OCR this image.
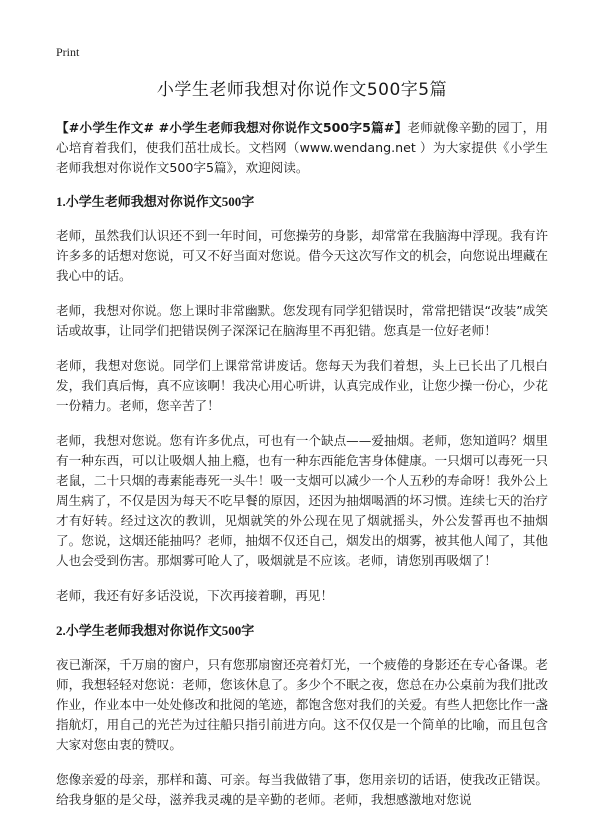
Print
小学生老师我想对你说作文500字5篇

【#小学生作文# #小学生老师我想对你说作文500字5篇#】老师就像辛勤的园丁，用心培育着我们，使我们茁壮成长。文档网（www.wendang.net ）为大家提供《小学生老师我想对你说作文500字5篇》，欢迎阅读。

1.小学生老师我想对你说作文500字

老师，虽然我们认识还不到一年时间，可您操劳的身影，却常常在我脑海中浮现。我有许许多多的话想对您说，可又不好当面对您说。借今天这次写作文的机会，向您说出埋藏在我心中的话。

老师，我想对你说。您上课时非常幽默。您发现有同学犯错误时，常常把错误“改装”成笑话或故事，让同学们把错误例子深深记在脑海里不再犯错。您真是一位好老师！

老师，我想对您说。同学们上课常常讲废话。您每天为我们着想，头上已长出了几根白发，我们真后悔，真不应该啊！我决心用心听讲，认真完成作业，让您少操一份心，少花一份精力。老师，您辛苦了！

老师，我想对您说。您有许多优点，可也有一个缺点——爱抽烟。老师，您知道吗？烟里有一种东西，可以让吸烟人抽上瘾，也有一种东西能危害身体健康。一只烟可以毒死一只老鼠，二十只烟的毒素能毒死一头牛！吸一支烟可以减少一个人五秒的寿命呀！我外公上周生病了，不仅是因为每天不吃早餐的原因，还因为抽烟喝酒的坏习惯。连续七天的治疗才有好转。经过这次的教训，见烟就笑的外公现在见了烟就摇头，外公发誓再也不抽烟了。您说，这烟还能抽吗？老师，抽烟不仅还自己，烟发出的烟雾，被其他人闻了，其他人也会受到伤害。那烟雾可呛人了，吸烟就是不应该。老师，请您别再吸烟了！

老师，我还有好多话没说，下次再接着聊，再见！

2.小学生老师我想对你说作文500字

夜已渐深，千万扇的窗户，只有您那扇窗还亮着灯光，一个疲倦的身影还在专心备课。老师，我想轻轻对您说：老师，您该休息了。多少个不眠之夜，您总在办公桌前为我们批改作业，作业本中一处处修改和批阅的笔迹，都饱含您对我们的关爱。有些人把您比作一盏指航灯，用自己的光芒为过往船只指引前进方向。这不仅仅是一个简单的比喻，而且包含大家对您由衷的赞叹。

您像亲爱的母亲，那样和蔼、可亲。每当我做错了事，您用亲切的话语，使我改正错误。给我身躯的是父母，滋养我灵魂的是辛勤的老师。老师，我想感激地对您说
